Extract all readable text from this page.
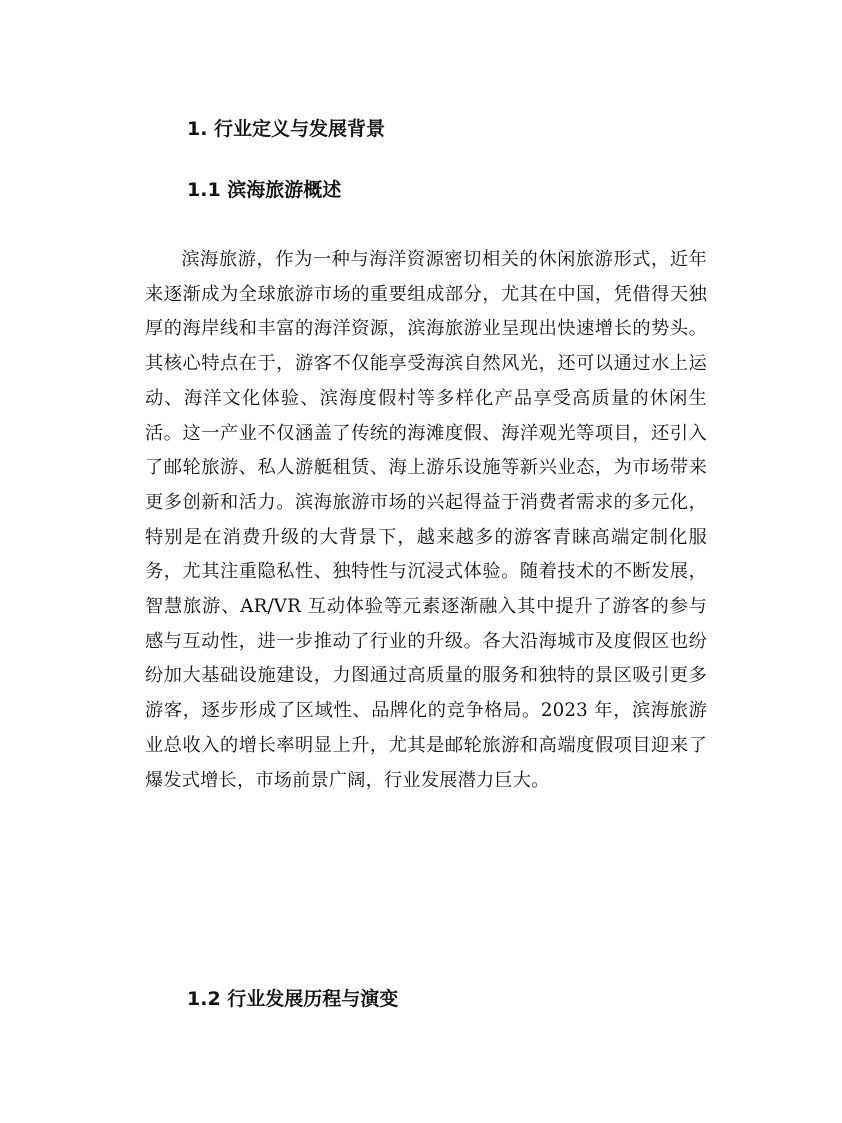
1. 行业定义与发展背景
1.1 滨海旅游概述

滨海旅游，作为一种与海洋资源密切相关的休闲旅游形式，近年来逐渐成为全球旅游市场的重要组成部分，尤其在中国，凭借得天独厚的海岸线和丰富的海洋资源，滨海旅游业呈现出快速增长的势头。其核心特点在于，游客不仅能享受海滨自然风光，还可以通过水上运动、海洋文化体验、滨海度假村等多样化产品享受高质量的休闲生活。这一产业不仅涵盖了传统的海滩度假、海洋观光等项目，还引入了邮轮旅游、私人游艇租赁、海上游乐设施等新兴业态，为市场带来更多创新和活力。滨海旅游市场的兴起得益于消费者需求的多元化，特别是在消费升级的大背景下，越来越多的游客青睐高端定制化服务，尤其注重隐私性、独特性与沉浸式体验。随着技术的不断发展，智慧旅游、AR/VR 互动体验等元素逐渐融入其中提升了游客的参与感与互动性，进一步推动了行业的升级。各大沿海城市及度假区也纷纷加大基础设施建设，力图通过高质量的服务和独特的景区吸引更多游客，逐步形成了区域性、品牌化的竞争格局。2023 年，滨海旅游业总收入的增长率明显上升，尤其是邮轮旅游和高端度假项目迎来了爆发式增长，市场前景广阔，行业发展潜力巨大。

1.2 行业发展历程与演变
